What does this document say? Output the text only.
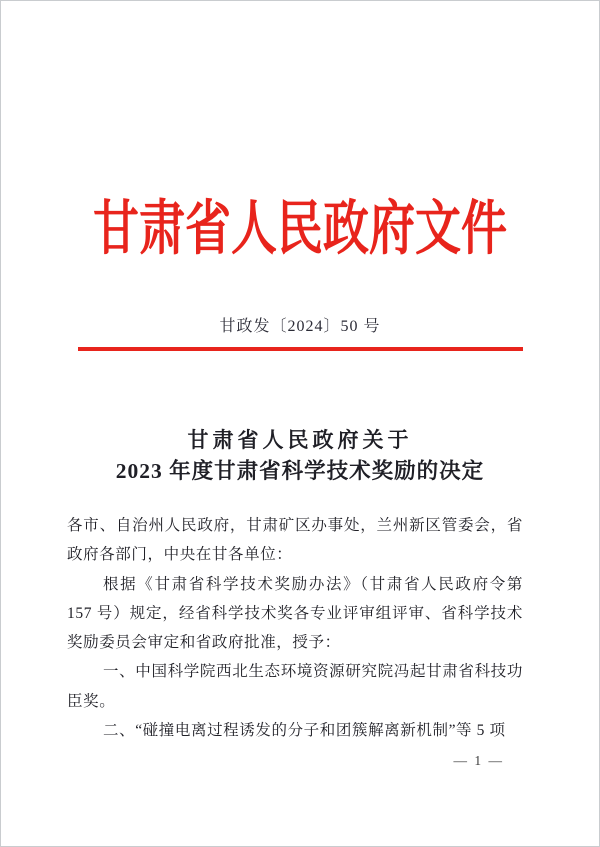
甘肃省人民政府文件
甘政发〔2024〕50 号
甘肃省人民政府关于
2023 年度甘肃省科学技术奖励的决定
各市、自治州人民政府，甘肃矿区办事处，兰州新区管委会，省
政府各部门，中央在甘各单位：
根据《甘肃省科学技术奖励办法》（甘肃省人民政府令第
157 号）规定，经省科学技术奖各专业评审组评审、省科学技术
奖励委员会审定和省政府批准，授予：
一、中国科学院西北生态环境资源研究院冯起甘肃省科技功
臣奖。
二、“碰撞电离过程诱发的分子和团簇解离新机制”等 5 项
— 1 —
